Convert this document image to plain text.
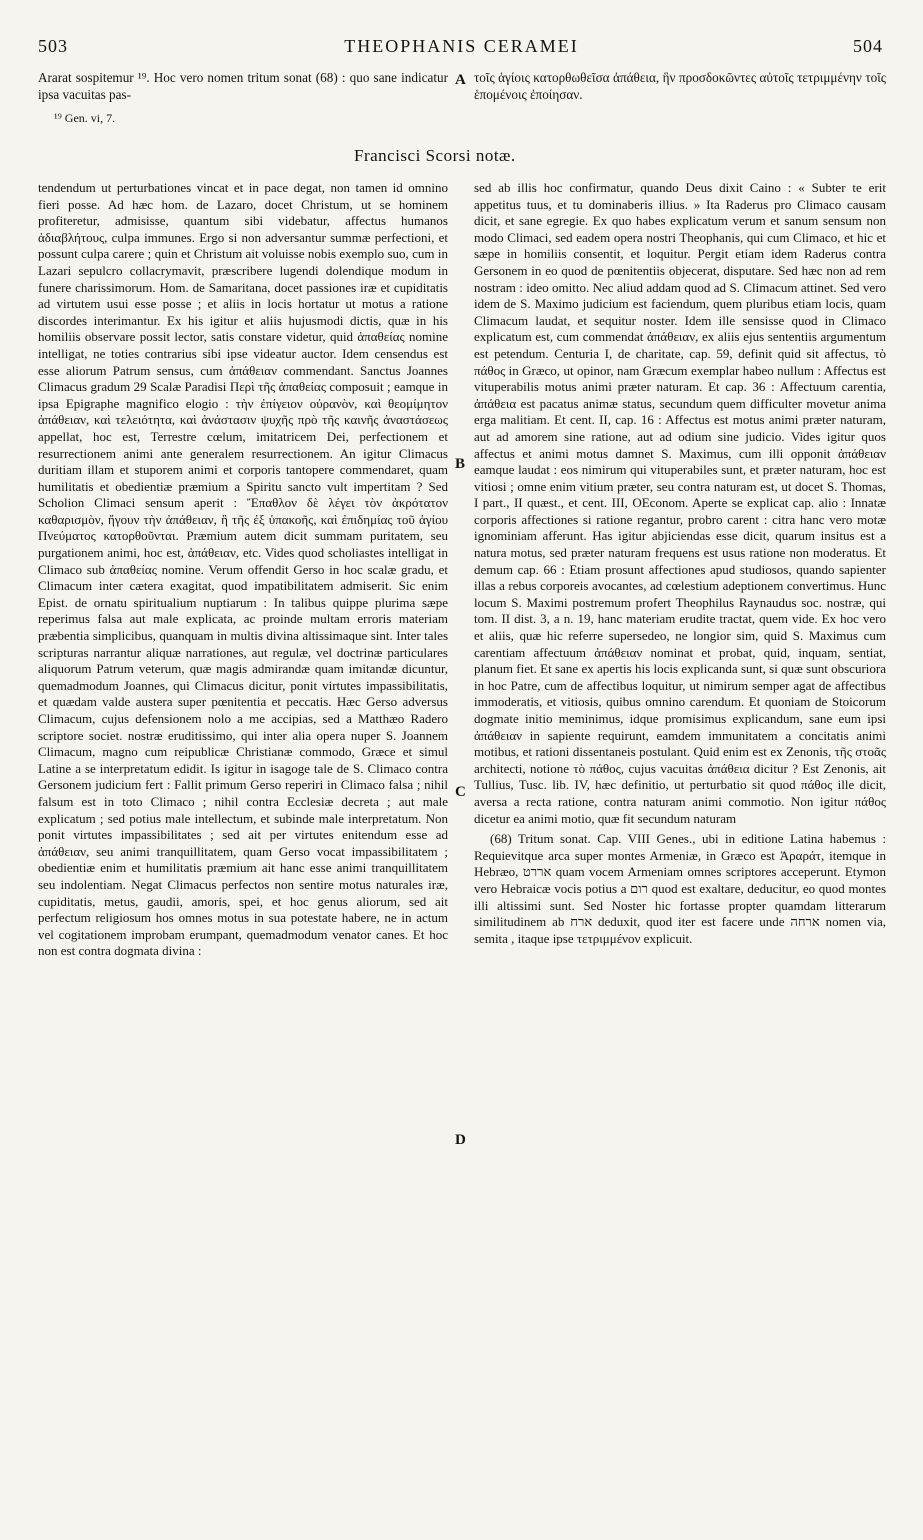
503	THEOPHANIS CERAMEI	504

Ararat sospitemur ¹⁹. Hoc vero nomen tritum sonat (68) : quo sane indicatur ipsa vacuitas pas-

¹⁹ Gen. vi, 7.

τοῖς ἁγίοις κατορθωθεῖσα ἀπάθεια, ἣν προσδοκῶντες αὐτοῖς τετριμμένην τοῖς ἑπομένοις ἐποίησαν.

Francisci Scorsi notæ.
A
B
C
D

tendendum ut perturbationes vincat et in pace degat, non tamen id omnino fieri posse. Ad hæc hom. de Lazaro, docet Christum, ut se hominem profiteretur, admisisse, quantum sibi videbatur, affectus humanos ἀδιαβλήτους, culpa immunes. Ergo si non adversantur summæ perfectioni, et possunt culpa carere ; quin et Christum ait voluisse nobis exemplo suo, cum in Lazari sepulcro collacrymavit, præscribere lugendi dolendique modum in funere charissimorum. Hom. de Samaritana, docet passiones iræ et cupiditatis ad virtutem usui esse posse ; et aliis in locis hortatur ut motus a ratione discordes interimantur. Ex his igitur et aliis hujusmodi dictis, quæ in his homiliis observare possit lector, satis constare videtur, quid ἀπαθείας nomine intelligat, ne toties contrarius sibi ipse videatur auctor. Idem censendus est esse aliorum Patrum sensus, cum ἀπάθειαν commendant. Sanctus Joannes Climacus gradum 29 Scalæ Paradisi Περὶ τῆς ἀπαθείας composuit ; eamque in ipsa Epigraphe magnifico elogio : τὴν ἐπίγειον οὐρανὸν, καὶ θεομίμητον ἀπάθειαν, καὶ τελειότητα, καὶ ἀνάστασιν ψυχῆς πρὸ τῆς καινῆς ἀναστάσεως appellat, hoc est, Terrestre cœlum, imitatricem Dei, perfectionem et resurrectionem animi ante generalem resurrectionem. An igitur Climacus duritiam illam et stuporem animi et corporis tantopere commendaret, quam humilitatis et obedientiæ præmium a Spiritu sancto vult impertitam ? Sed Scholion Climaci sensum aperit : Ἔπαθλον δὲ λέγει τὸν ἀκρότατον καθαρισμὸν, ἤγουν τὴν ἀπάθειαν, ἣ τῆς ἐξ ὑπακοῆς, καὶ ἐπιδημίας τοῦ ἁγίου Πνεύματος κατορθοῦνται. Præmium autem dicit summam puritatem, seu purgationem animi, hoc est, ἀπάθειαν, etc. Vides quod scholiastes intelligat in Climaco sub ἀπαθείας nomine. Verum offendit Gerso in hoc scalæ gradu, et Climacum inter cætera exagitat, quod impatibilitatem admiserit. Sic enim Epist. de ornatu spiritualium nuptiarum : In talibus quippe plurima sæpe reperimus falsa aut male explicata, ac proinde multam erroris materiam præbentia simplicibus, quanquam in multis divina altissimaque sint. Inter tales scripturas narrantur aliquæ narrationes, aut regulæ, vel doctrinæ particulares aliquorum Patrum veterum, quæ magis admirandæ quam imitandæ dicuntur, quemadmodum Joannes, qui Climacus dicitur, ponit virtutes impassibilitatis, et quædam valde austera super pœnitentia et peccatis. Hæc Gerso adversus Climacum, cujus defensionem nolo a me accipias, sed a Matthæo Radero scriptore societ. nostræ eruditissimo, qui inter alia opera nuper S. Joannem Climacum, magno cum reipublicæ Christianæ commodo, Græce et simul Latine a se interpretatum edidit. Is igitur in isagoge tale de S. Climaco contra Gersonem judicium fert : Fallit primum Gerso reperiri in Climaco falsa ; nihil falsum est in toto Climaco ; nihil contra Ecclesiæ decreta ; aut male explicatum ; sed potius male intellectum, et subinde male interpretatum. Non ponit virtutes impassibilitates ; sed ait per virtutes enitendum esse ad ἀπάθειαν, seu animi tranquillitatem, quam Gerso vocat impassibilitatem ; obedientiæ enim et humilitatis præmium ait hanc esse animi tranquillitatem seu indolentiam. Negat Climacus perfectos non sentire motus naturales iræ, cupiditatis, metus, gaudii, amoris, spei, et hoc genus aliorum, sed ait perfectum religiosum hos omnes motus in sua potestate habere, ne in actum vel cogitationem improbam erumpant, quemadmodum venator canes. Et hoc non est contra dogmata divina :

sed ab illis hoc confirmatur, quando Deus dixit Caino : « Subter te erit appetitus tuus, et tu dominaberis illius. » Ita Raderus pro Climaco causam dicit, et sane egregie. Ex quo habes explicatum verum et sanum sensum non modo Climaci, sed eadem opera nostri Theophanis, qui cum Climaco, et hic et sæpe in homiliis consentit, et loquitur. Pergit etiam idem Raderus contra Gersonem in eo quod de pœnitentiis objecerat, disputare. Sed hæc non ad rem nostram : ideo omitto. Nec aliud addam quod ad S. Climacum attinet. Sed vero idem de S. Maximo judicium est faciendum, quem pluribus etiam locis, quam Climacum laudat, et sequitur noster. Idem ille sensisse quod in Climaco explicatum est, cum commendat ἀπάθειαν, ex aliis ejus sententiis argumentum est petendum. Centuria I, de charitate, cap. 59, definit quid sit affectus, τὸ πάθος in Græco, ut opinor, nam Græcum exemplar habeo nullum : Affectus est vituperabilis motus animi præter naturam. Et cap. 36 : Affectuum carentia, ἀπάθεια est pacatus animæ status, secundum quem difficulter movetur anima erga malitiam. Et cent. II, cap. 16 : Affectus est motus animi præter naturam, aut ad amorem sine ratione, aut ad odium sine judicio. Vides igitur quos affectus et animi motus damnet S. Maximus, cum illi opponit ἀπάθειαν eamque laudat : eos nimirum qui vituperabiles sunt, et præter naturam, hoc est vitiosi ; omne enim vitium præter, seu contra naturam est, ut docet S. Thomas, I part., II quæst., et cent. III, OEconom. Aperte se explicat cap. alio : Innatæ corporis affectiones si ratione regantur, probro carent : citra hanc vero motæ ignominiam afferunt. Has igitur abjiciendas esse dicit, quarum insitus est a natura motus, sed præter naturam frequens est usus ratione non moderatus. Et demum cap. 66 : Etiam prosunt affectiones apud studiosos, quando sapienter illas a rebus corporeis avocantes, ad cœlestium adeptionem convertimus. Hunc locum S. Maximi postremum profert Theophilus Raynaudus soc. nostræ, qui tom. II dist. 3, a n. 19, hanc materiam erudite tractat, quem vide. Ex hoc vero et aliis, quæ hic referre supersedeo, ne longior sim, quid S. Maximus cum carentiam affectuum ἀπάθειαν nominat et probat, quid, inquam, sentiat, planum fiet. Et sane ex apertis his locis explicanda sunt, si quæ sunt obscuriora in hoc Patre, cum de affectibus loquitur, ut nimirum semper agat de affectibus immoderatis, et vitiosis, quibus omnino carendum. Et quoniam de Stoicorum dogmate initio meminimus, idque promisimus explicandum, sane eum ipsi ἀπάθειαν in sapiente requirunt, eamdem immunitatem a concitatis animi motibus, et rationi dissentaneis postulant. Quid enim est ex Zenonis, τῆς στοᾶς architecti, notione τὸ πάθος, cujus vacuitas ἀπάθεια dicitur ? Est Zenonis, ait Tullius, Tusc. lib. IV, hæc definitio, ut perturbatio sit quod πάθος ille dicit, aversa a recta ratione, contra naturam animi commotio. Non igitur πάθος dicetur ea animi motio, quæ fit secundum naturam

(68) Tritum sonat. Cap. VIII Genes., ubi in editione Latina habemus : Requievitque arca super montes Armeniæ, in Græco est Ἀραράτ, itemque in Hebræo, אררט quam vocem Armeniam omnes scriptores acceperunt. Etymon vero Hebraicæ vocis potius a רום quod est exaltare, deducitur, eo quod montes illi altissimi sunt. Sed Noster hic fortasse propter quamdam litterarum similitudinem ab ארח deduxit, quod iter est facere unde ארחה nomen via, semita , itaque ipse τετριμμένον explicuit.
